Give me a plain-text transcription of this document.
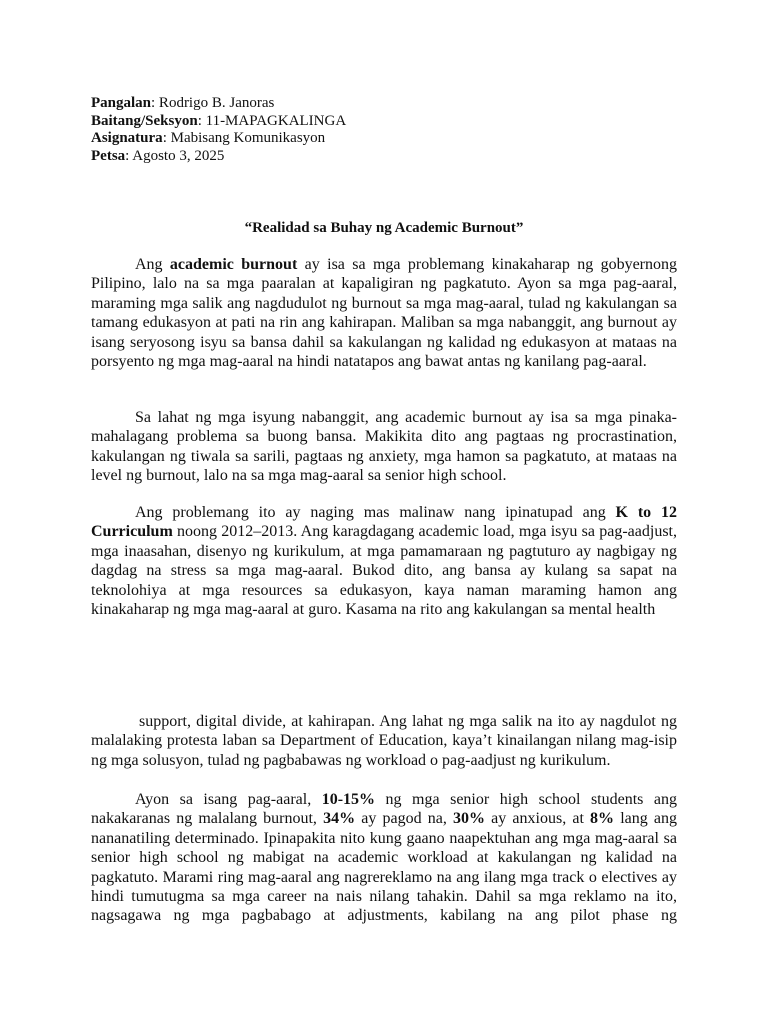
Pangalan: Rodrigo B. Janoras
Baitang/Seksyon: 11-MAPAGKALINGA
Asignatura: Mabisang Komunikasyon
Petsa: Agosto 3, 2025
“Realidad sa Buhay ng Academic Burnout”

Ang academic burnout ay isa sa mga problemang kinakaharap ng gobyernong Pilipino, lalo na sa mga paaralan at kapaligiran ng pagkatuto. Ayon sa mga pag-aaral, maraming mga salik ang nagdudulot ng burnout sa mga mag-aaral, tulad ng kakulangan sa tamang edukasyon at pati na rin ang kahirapan. Maliban sa mga nabanggit, ang burnout ay isang seryosong isyu sa bansa dahil sa kakulangan ng kalidad ng edukasyon at mataas na porsyento ng mga mag-aaral na hindi natatapos ang bawat antas ng kanilang pag-aaral.

Sa lahat ng mga isyung nabanggit, ang academic burnout ay isa sa mga pinaka-mahalagang problema sa buong bansa. Makikita dito ang pagtaas ng procrastination, kakulangan ng tiwala sa sarili, pagtaas ng anxiety, mga hamon sa pagkatuto, at mataas na level ng burnout, lalo na sa mga mag-aaral sa senior high school.

Ang problemang ito ay naging mas malinaw nang ipinatupad ang K to 12 Curriculum noong 2012–2013. Ang karagdagang academic load, mga isyu sa pag-aadjust, mga inaasahan, disenyo ng kurikulum, at mga pamamaraan ng pagtuturo ay nagbigay ng dagdag na stress sa mga mag-aaral. Bukod dito, ang bansa ay kulang sa sapat na teknolohiya at mga resources sa edukasyon, kaya naman maraming hamon ang kinakaharap ng mga mag-aaral at guro. Kasama na rito ang kakulangan sa mental health

support, digital divide, at kahirapan. Ang lahat ng mga salik na ito ay nagdulot ng malalaking protesta laban sa Department of Education, kaya’t kinailangan nilang mag-isip ng mga solusyon, tulad ng pagbabawas ng workload o pag-aadjust ng kurikulum.

Ayon sa isang pag-aaral, 10-15% ng mga senior high school students ang nakakaranas ng malalang burnout, 34% ay pagod na, 30% ay anxious, at 8% lang ang nananatiling determinado. Ipinapakita nito kung gaano naapektuhan ang mga mag-aaral sa senior high school ng mabigat na academic workload at kakulangan ng kalidad na pagkatuto. Marami ring mag-aaral ang nagrereklamo na ang ilang mga track o electives ay hindi tumutugma sa mga career na nais nilang tahakin. Dahil sa mga reklamo na ito, nagsagawa ng mga pagbabago at adjustments, kabilang na ang pilot phase ng
